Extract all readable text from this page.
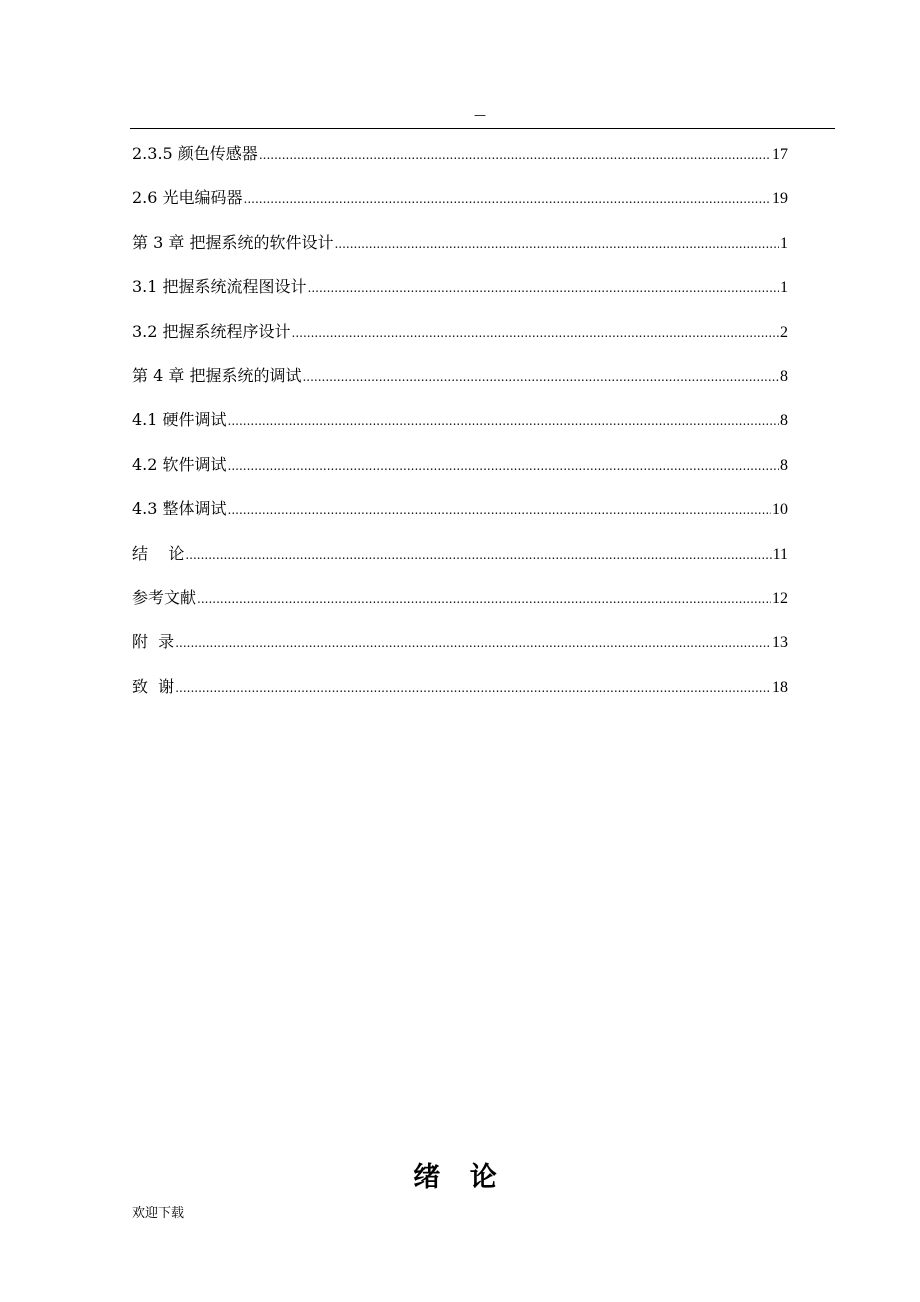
—
2.3.5 颜色传感器 .....	17
2.6 光电编码器 .....	19
第 3 章 把握系统的软件设计 .....	1
3.1 把握系统流程图设计 .....	1
3.2 把握系统程序设计 .....	2
第 4 章 把握系统的调试 .....	8
4.1 硬件调试 .....	8
4.2 软件调试 .....	8
4.3 整体调试 .....	10
结    论 .....	11
参考文献 .....	12
附  录 .....	13
致  谢 .....	18
绪 论
欢迎下载
